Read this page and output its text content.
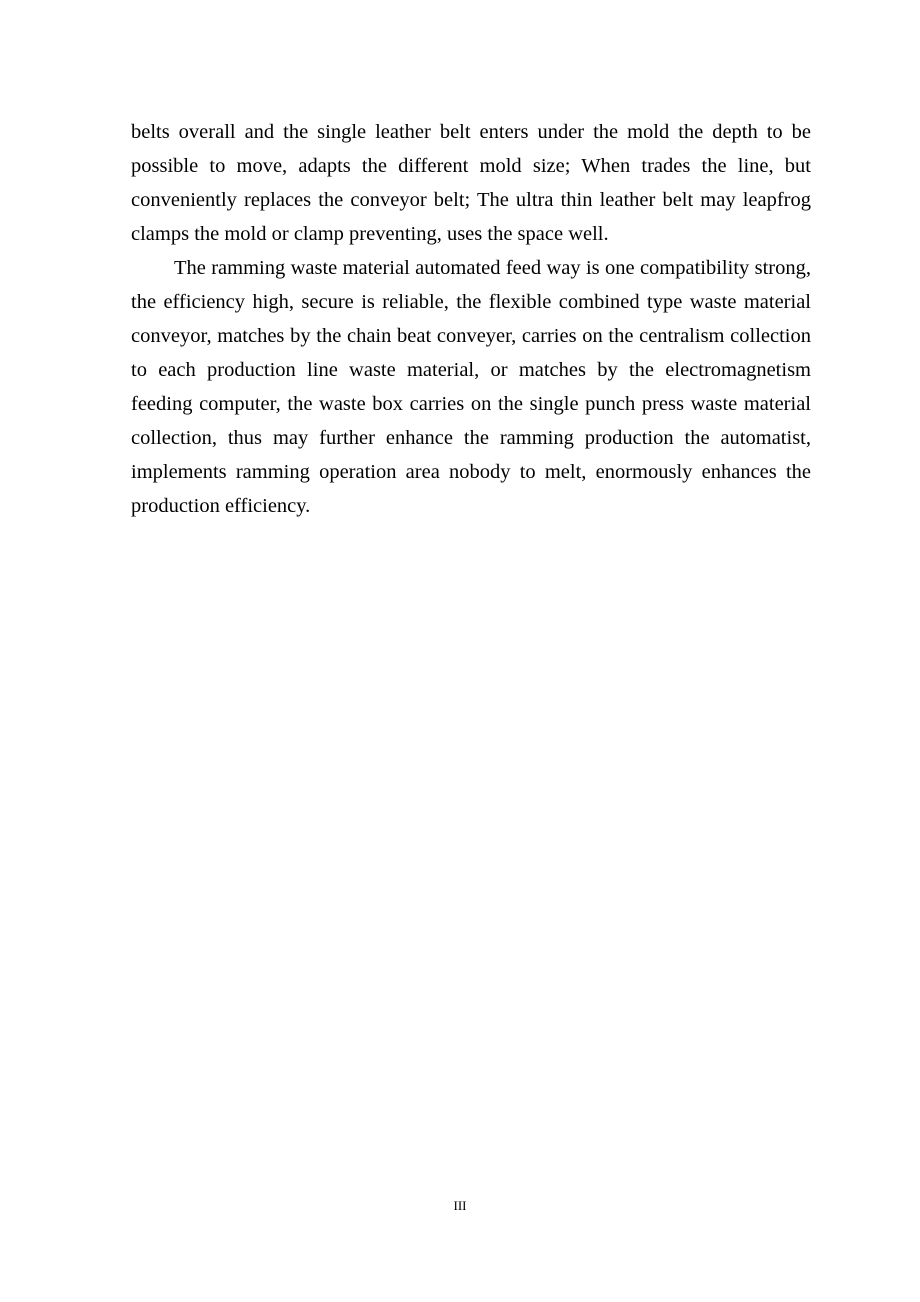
belts overall and the single leather belt enters under the mold the depth to be possible to move, adapts the different mold size; When trades the line, but conveniently replaces the conveyor belt; The ultra thin leather belt may leapfrog clamps the mold or clamp preventing, uses the space well.

The ramming waste material automated feed way is one compatibility strong, the efficiency high, secure is reliable, the flexible combined type waste material conveyor, matches by the chain beat conveyer, carries on the centralism collection to each production line waste material, or matches by the electromagnetism feeding computer, the waste box carries on the single punch press waste material collection, thus may further enhance the ramming production the automatist, implements ramming operation area nobody to melt, enormously enhances the production efficiency.

III
